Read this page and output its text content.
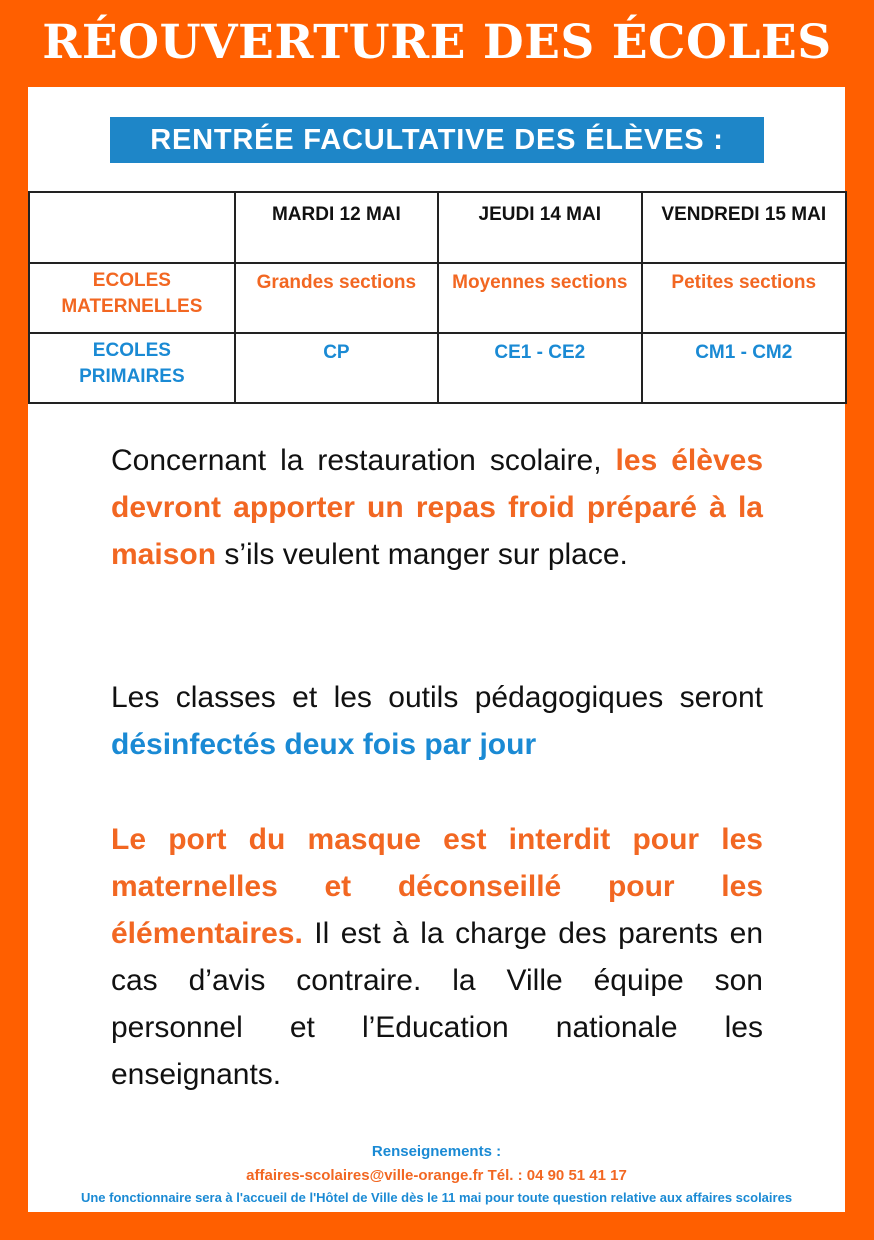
RÉOUVERTURE DES ÉCOLES
RENTRÉE FACULTATIVE DES ÉLÈVES :
	MARDI 12 MAI	JEUDI 14 MAI	VENDREDI 15 MAI
ECOLES MATERNELLES	Grandes sections	Moyennes sections	Petites sections
ECOLES PRIMAIRES	CP	CE1 - CE2	CM1 - CM2

Concernant la restauration scolaire, les élèves devront apporter un repas froid préparé à la maison s’ils veulent manger sur place.

Les classes et les outils pédagogiques seront désinfectés deux fois par jour

Le port du masque est interdit pour les maternelles et déconseillé pour les élémentaires. Il est à la charge des parents en cas d’avis contraire. la Ville équipe son personnel et l’Education nationale les enseignants.

Renseignements :
affaires-scolaires@ville-orange.fr Tél. : 04 90 51 41 17
Une fonctionnaire sera à l'accueil de l'Hôtel de Ville dès le 11 mai pour toute question relative aux affaires scolaires
